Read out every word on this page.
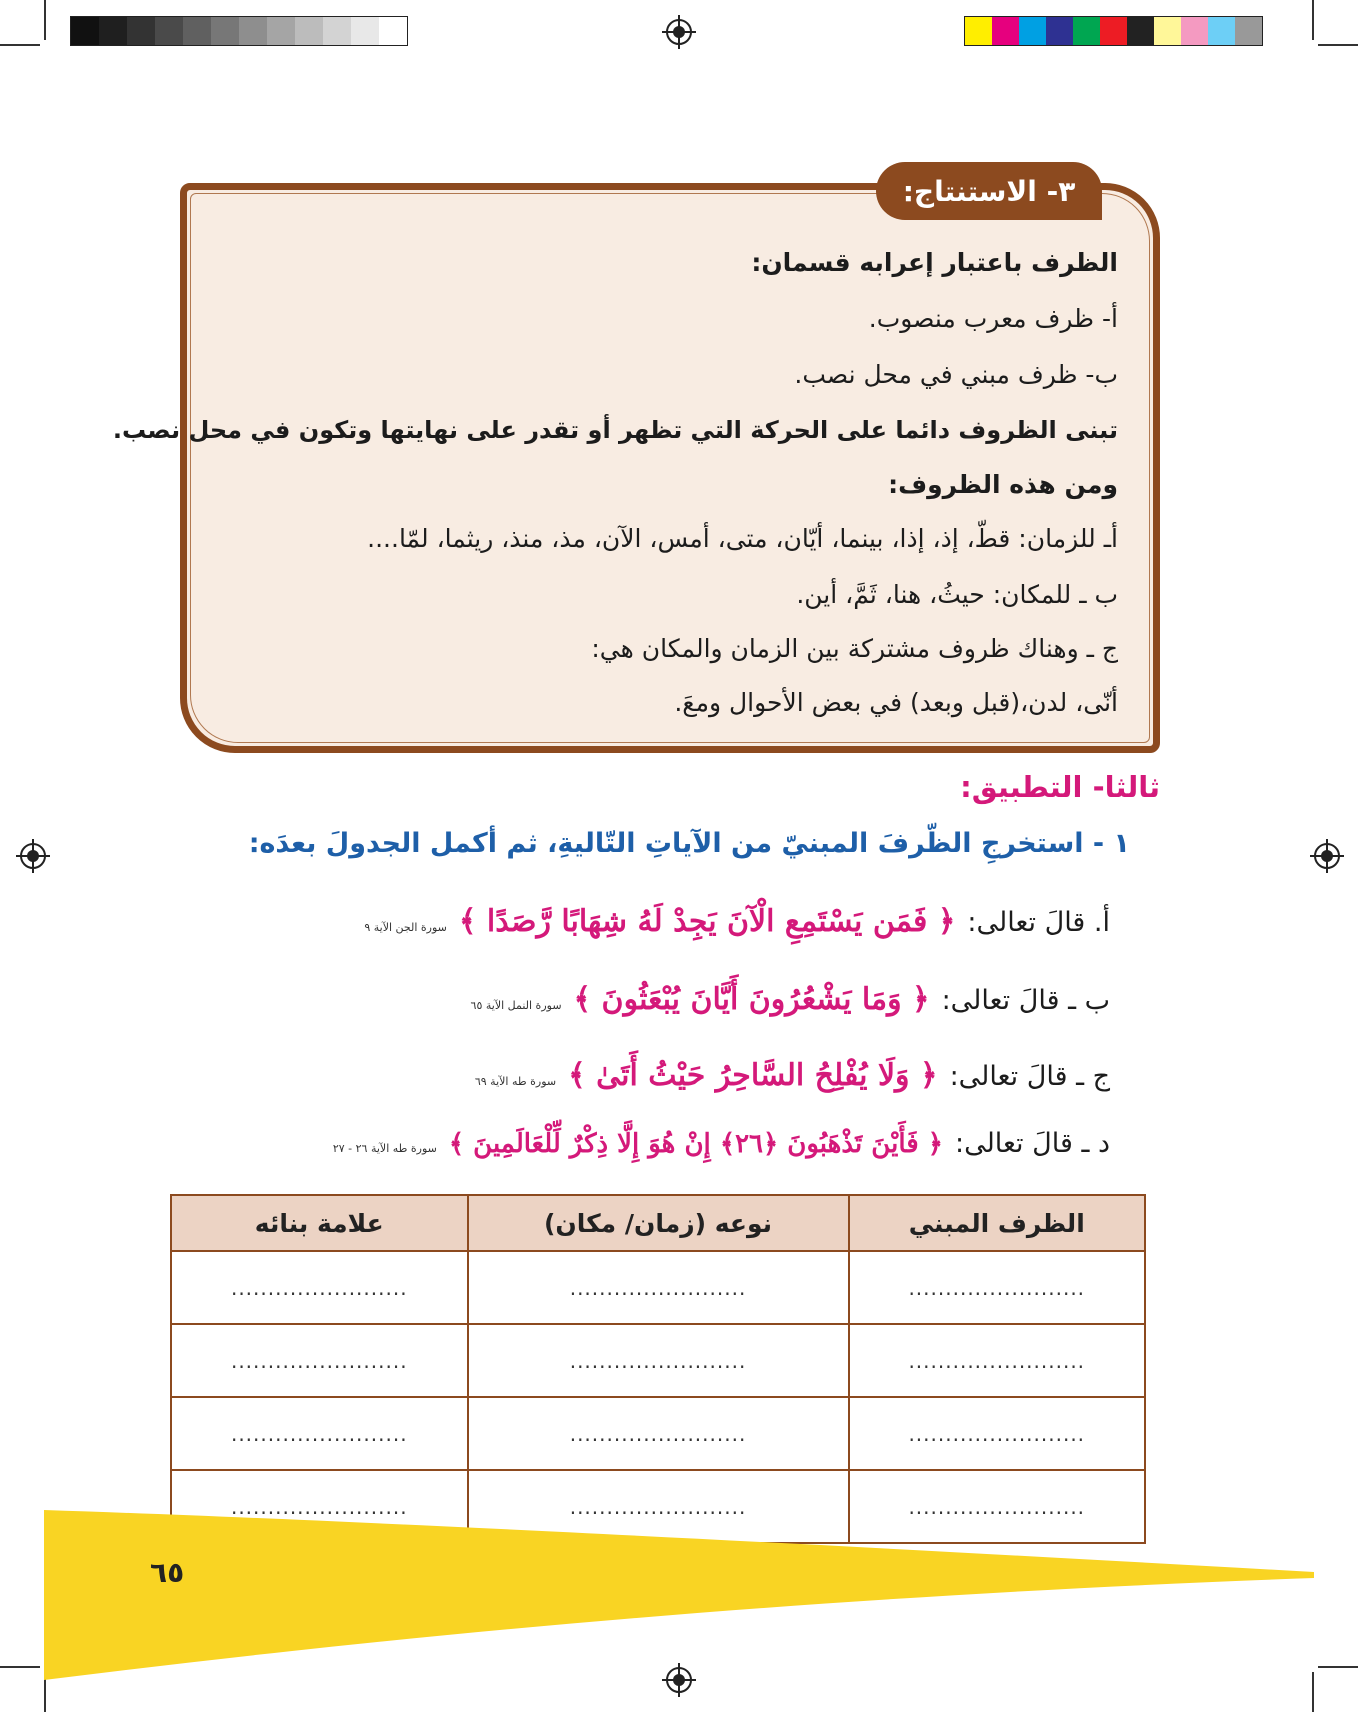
٣- الاستنتاج:
الظرف باعتبار إعرابه قسمان:
أ- ظرف معرب منصوب.
ب- ظرف مبني في محل نصب.
تبنى الظروف دائما على الحركة التي تظهر أو تقدر على نهايتها وتكون في محل نصب.
ومن هذه الظروف:
أـ للزمان: قطّ، إذ، إذا، بينما، أيّان، متى، أمس، الآن، مذ، منذ، ريثما، لمّا....
ب ـ للمكان: حيثُ، هنا، ثَمَّ، أين.
ج ـ وهناك ظروف مشتركة بين الزمان والمكان هي:
أنّى، لدن،(قبل وبعد) في بعض الأحوال ومعَ.
ثالثا- التطبيق:
١ - استخرجِ الظّرفَ المبنيّ من الآياتِ التّاليةِ، ثم أكمل الجدولَ بعدَه:
أ. قالَ تعالى:
﴿ فَمَن يَسْتَمِعِ الْآنَ يَجِدْ لَهُ شِهَابًا رَّصَدًا ﴾
سورة الجن الآية ٩
ب ـ قالَ تعالى:
﴿ وَمَا يَشْعُرُونَ أَيَّانَ يُبْعَثُونَ ﴾
سورة النمل الآية ٦٥
ج ـ قالَ تعالى:
﴿ وَلَا يُفْلِحُ السَّاحِرُ حَيْثُ أَتَىٰ ﴾
سورة طه الآية ٦٩
د ـ قالَ تعالى:
﴿ فَأَيْنَ تَذْهَبُونَ ﴿٢٦﴾ إِنْ هُوَ إِلَّا ذِكْرٌ لِّلْعَالَمِينَ ﴾
سورة طه الآية ٢٦ - ٢٧
الظرف المبني	نوعه (زمان/ مكان)	علامة بنائه
........................	........................	........................
........................	........................	........................
........................	........................	........................
........................	........................	........................
٦٥
